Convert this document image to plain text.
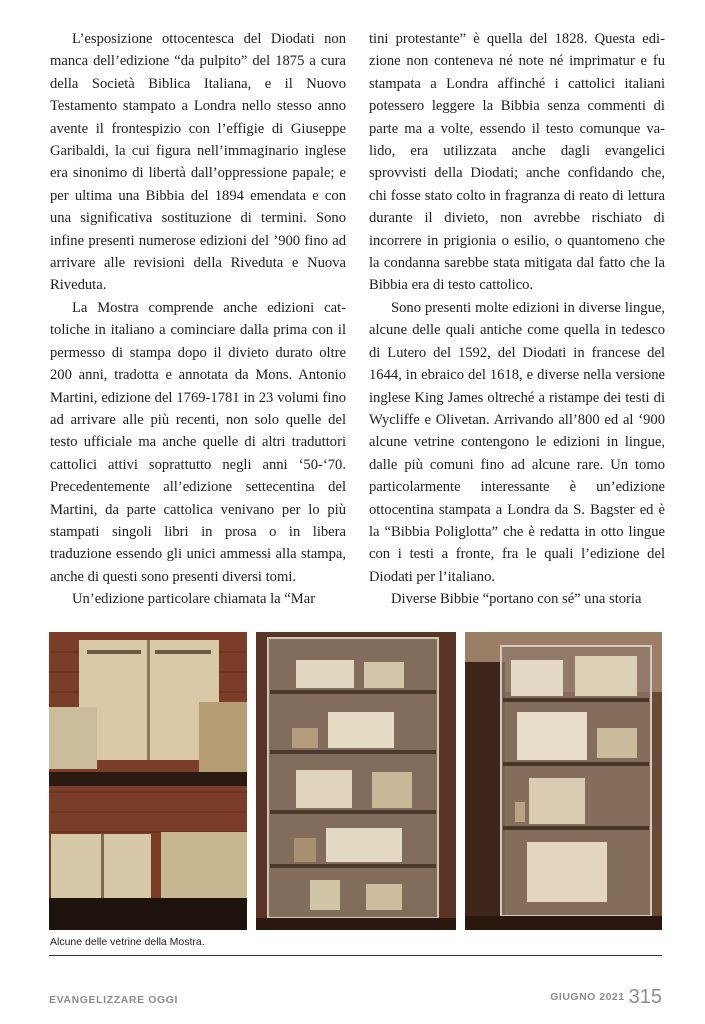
L’esposizione ottocentesca del Diodati non manca dell’edizione “da pulpito” del 1875 a cura della Società Biblica Italiana, e il Nuovo Testamento stampato a Londra nello stesso anno avente il frontespizio con l’effigie di Giuseppe Garibaldi, la cui figura nell’immaginario inglese era sinonimo di libertà dall’oppressione papale; e per ultima una Bibbia del 1894 emendata e con una significativa sostituzione di termini. Sono infine presenti numerose edizioni del ’900 fino ad arrivare alle revisioni della Riveduta e Nuova Riveduta.

La Mostra comprende anche edizioni cattoliche in italiano a cominciare dalla prima con il permesso di stampa dopo il divieto durato oltre 200 anni, tradotta e annotata da Mons. Antonio Martini, edizione del 1769-1781 in 23 volumi fino ad arrivare alle più recenti, non solo quelle del testo ufficiale ma anche quelle di altri traduttori cattolici attivi soprattutto negli anni ‘50-‘70. Precedentemente all’edizione settecentina del Martini, da parte cattolica venivano per lo più stampati singoli libri in prosa o in libera traduzione essendo gli unici ammessi alla stampa, anche di questi sono presenti diversi tomi.

Un’edizione particolare chiamata la “Mar

tini protestante” è quella del 1828. Questa edizione non conteneva né note né imprimatur e fu stampata a Londra affinché i cattolici italiani potessero leggere la Bibbia senza commenti di parte ma a volte, essendo il testo comunque valido, era utilizzata anche dagli evangelici sprovvisti della Diodati; anche confidando che, chi fosse stato colto in fragranza di reato di lettura durante il divieto, non avrebbe rischiato di incorrere in prigionia o esilio, o quantomeno che la condanna sarebbe stata mitigata dal fatto che la Bibbia era di testo cattolico.

Sono presenti molte edizioni in diverse lingue, alcune delle quali antiche come quella in tedesco di Lutero del 1592, del Diodati in francese del 1644, in ebraico del 1618, e diverse nella versione inglese King James oltreché a ristampe dei testi di Wycliffe e Olivetan. Arrivando all’800 ed al ‘900 alcune vetrine contengono le edizioni in lingue, dalle più comuni fino ad alcune rare. Un tomo particolarmente interessante è un’edizione ottocentina stampata a Londra da S. Bagster ed è la “Bibbia Poliglotta” che è redatta in otto lingue con i testi a fronte, fra le quali l’edizione del Diodati per l’italiano.

Diverse Bibbie “portano con sé” una storia

Alcune delle vetrine della Mostra.
EVANGELIZZARE OGGI	GIUGNO 2021 315
